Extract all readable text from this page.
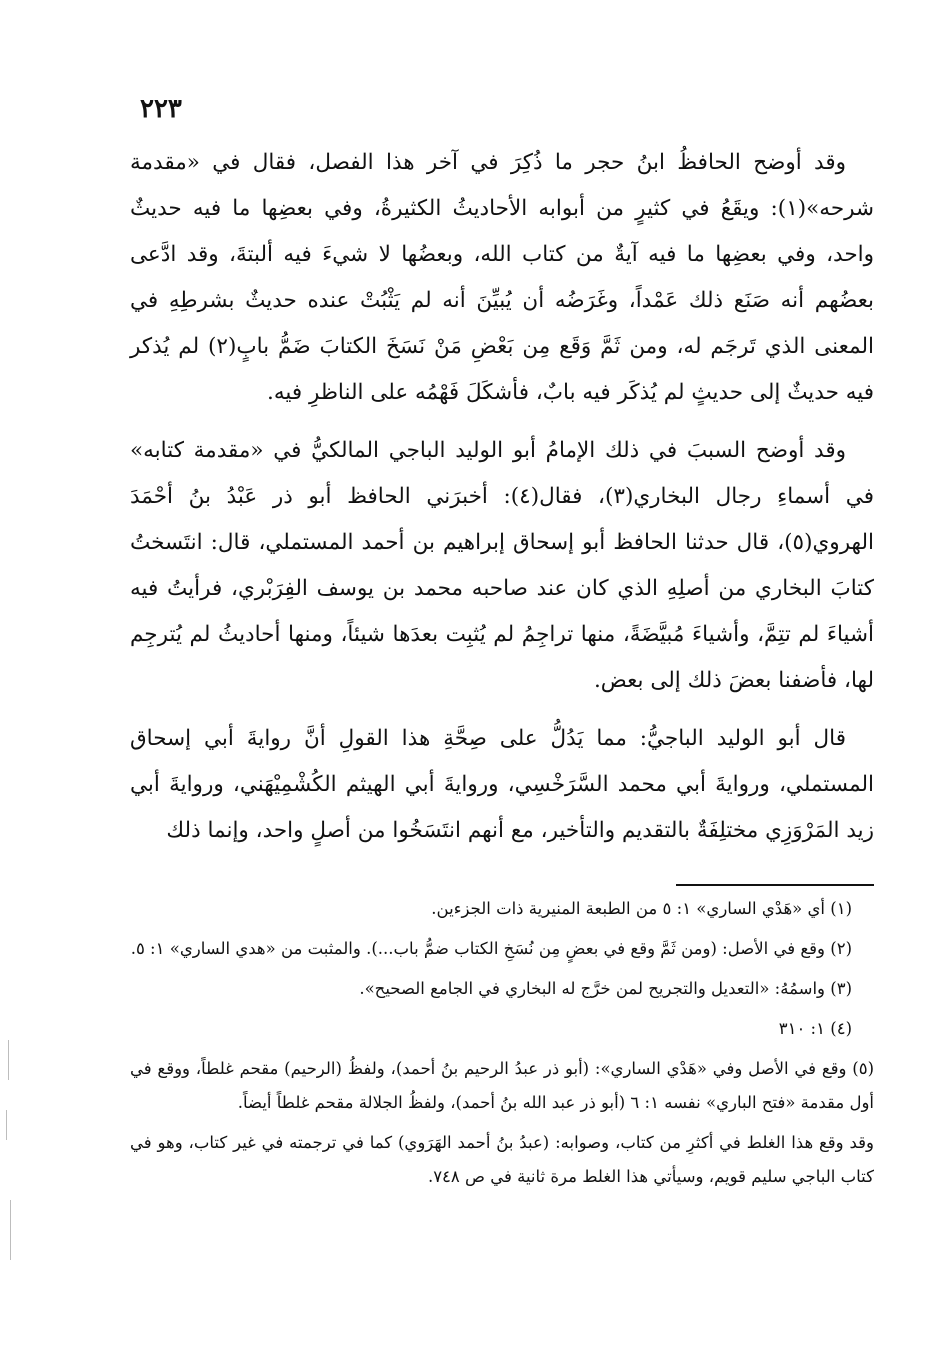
٢٢٣

وقد أوضح الحافظُ ابنُ حجر ما ذُكِرَ في آخر هذا الفصل، فقال في «مقدمة شرحه»(١): ويقَعُ في كثيرٍ من أبوابه الأحاديثُ الكثيرةُ، وفي بعضِها ما فيه حديثٌ واحد، وفي بعضِها ما فيه آيةٌ من كتاب الله، وبعضُها لا شيءَ فيه ألبتةَ، وقد ادَّعى بعضُهم أنه صَنَع ذلك عَمْداً، وغَرَضُه أن يُبيِّنَ أنه لم يَثْبُتْ عنده حديثٌ بشرطِهِ في المعنى الذي تَرجَم له، ومن ثَمَّ وَقَع مِن بَعْضِ مَنْ نَسَخَ الكتابَ ضَمُّ بابٍ(٢) لم يُذكر فيه حديثٌ إلى حديثٍ لم يُذكَر فيه بابٌ، فأشكَلَ فَهْمُه على الناظرِ فيه.

وقد أوضح السببَ في ذلك الإمامُ أبو الوليد الباجي المالكيُّ في «مقدمة كتابه» في أسماءِ رجال البخاري(٣)، فقال(٤): أخبرَني الحافظ أبو ذر عَبْدُ بنُ أحْمَدَ الهروي(٥)، قال حدثنا الحافظ أبو إسحاق إبراهيم بن أحمد المستملي، قال: انتَسختُ كتابَ البخاري من أصلِهِ الذي كان عند صاحبه محمد بن يوسف الفِرَبْري، فرأيتُ فيه أشياءَ لم تتِمَّ، وأشياءَ مُبيَّضَةً، منها تراجِمُ لم يُثبِت بعدَها شيئاً، ومنها أحاديثُ لم يُترجِم لها، فأضفنا بعضَ ذلك إلى بعض.

قال أبو الوليد الباجيُّ: مما يَدُلُّ على صِحَّةِ هذا القولِ أنَّ روايةَ أبي إسحاق المستملي، وروايةَ أبي محمد السَّرَخْسِي، وروايةَ أبي الهيثم الكُشْمِيْهَني، وروايةَ أبي زيد المَرْوَزِي مختلِفَةٌ بالتقديم والتأخير، مع أنهم انتَسَخُوا من أصلٍ واحد، وإنما ذلك

(١) أي «هَدْي الساري» ١: ٥ من الطبعة المنيرية ذات الجزءين.
(٢) وقع في الأصل: (ومن ثَمَّ وقع في بعضٍ مِن نُسَخِ الكتاب ضمُّ باب...). والمثبت من «هدي الساري» ١: ٥.
(٣) واسمُهُ: «التعديل والتجريح لمن خرَّج له البخاري في الجامع الصحيح».
(٤) ١: ٣١٠
(٥) وقع في الأصل وفي «هَدْي الساري»: (أبو ذر عبدُ الرحيم بنُ أحمد)، ولفظُ (الرحيم) مقحم غلطاً، ووقع في أول مقدمة «فتح الباري» نفسه ١: ٦ (أبو ذر عبد الله بنُ أحمد)، ولفظُ الجلالة مقحم غلطاً أيضاً.
وقد وقع هذا الغلط في أكثرِ من كتاب، وصوابه: (عبدُ بنُ أحمد الهَرَوي) كما في ترجمته في غير كتاب، وهو في كتاب الباجي سليم قويم، وسيأتي هذا الغلط مرة ثانية في ص ٧٤٨.
